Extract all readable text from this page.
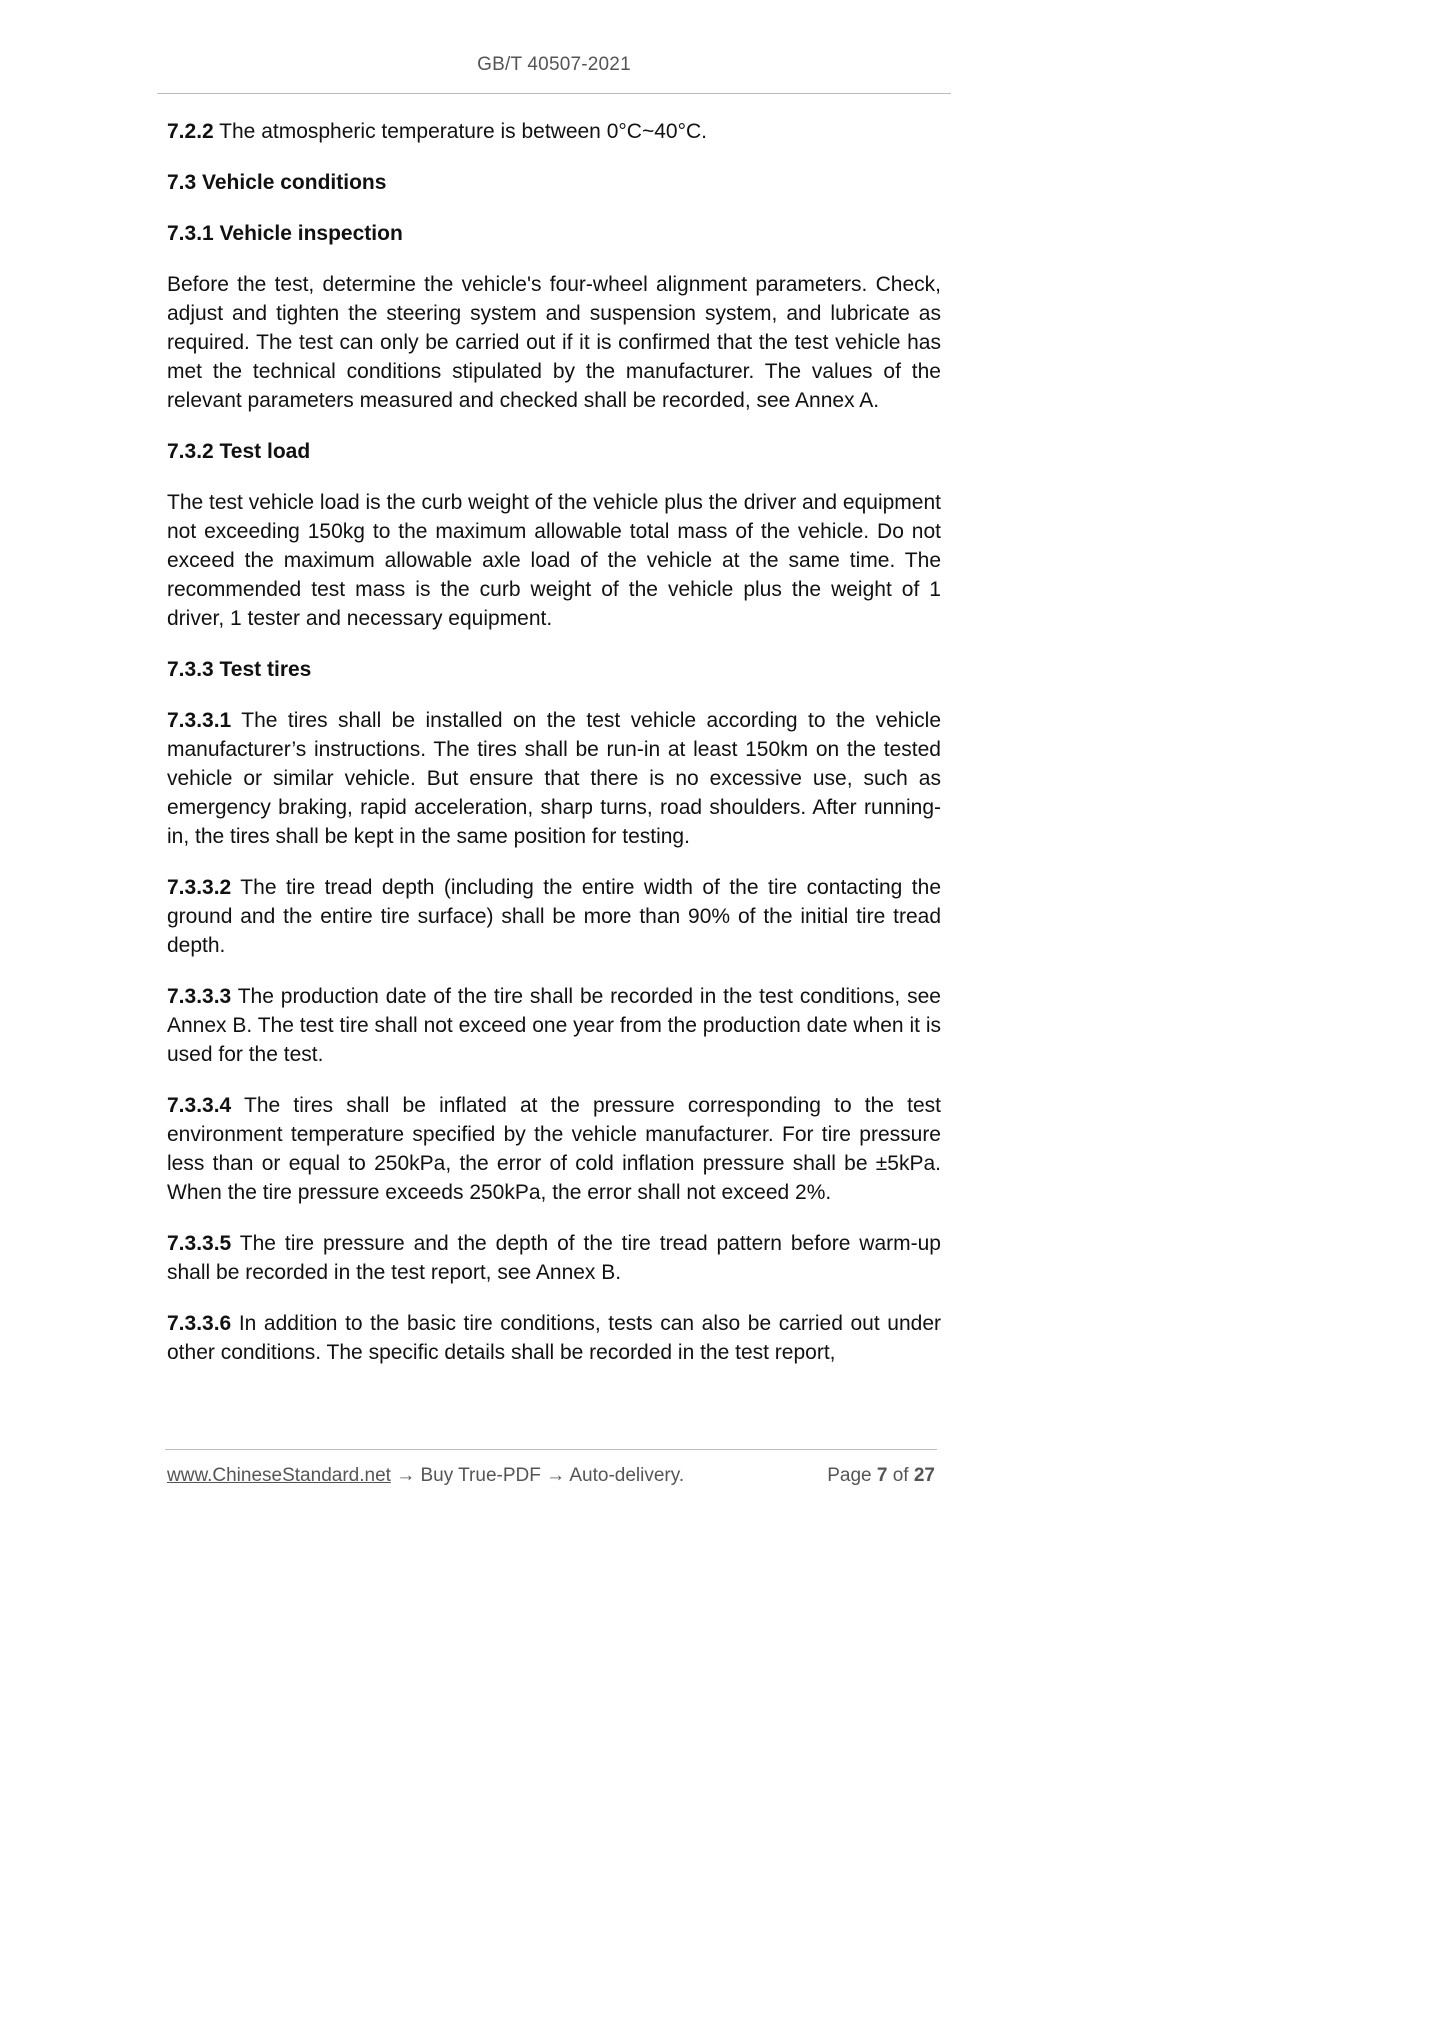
GB/T 40507-2021

7.2.2 The atmospheric temperature is between 0°C~40°C.

7.3 Vehicle conditions

7.3.1 Vehicle inspection

Before the test, determine the vehicle's four-wheel alignment parameters. Check, adjust and tighten the steering system and suspension system, and lubricate as required. The test can only be carried out if it is confirmed that the test vehicle has met the technical conditions stipulated by the manufacturer. The values of the relevant parameters measured and checked shall be recorded, see Annex A.

7.3.2 Test load

The test vehicle load is the curb weight of the vehicle plus the driver and equipment not exceeding 150kg to the maximum allowable total mass of the vehicle. Do not exceed the maximum allowable axle load of the vehicle at the same time. The recommended test mass is the curb weight of the vehicle plus the weight of 1 driver, 1 tester and necessary equipment.

7.3.3 Test tires

7.3.3.1 The tires shall be installed on the test vehicle according to the vehicle manufacturer’s instructions. The tires shall be run-in at least 150km on the tested vehicle or similar vehicle. But ensure that there is no excessive use, such as emergency braking, rapid acceleration, sharp turns, road shoulders. After running-in, the tires shall be kept in the same position for testing.

7.3.3.2 The tire tread depth (including the entire width of the tire contacting the ground and the entire tire surface) shall be more than 90% of the initial tire tread depth.

7.3.3.3 The production date of the tire shall be recorded in the test conditions, see Annex B. The test tire shall not exceed one year from the production date when it is used for the test.

7.3.3.4 The tires shall be inflated at the pressure corresponding to the test environment temperature specified by the vehicle manufacturer. For tire pressure less than or equal to 250kPa, the error of cold inflation pressure shall be ±5kPa. When the tire pressure exceeds 250kPa, the error shall not exceed 2%.

7.3.3.5 The tire pressure and the depth of the tire tread pattern before warm-up shall be recorded in the test report, see Annex B.

7.3.3.6 In addition to the basic tire conditions, tests can also be carried out under other conditions. The specific details shall be recorded in the test report,

www.ChineseStandard.net → Buy True-PDF → Auto-delivery.	Page 7 of 27
